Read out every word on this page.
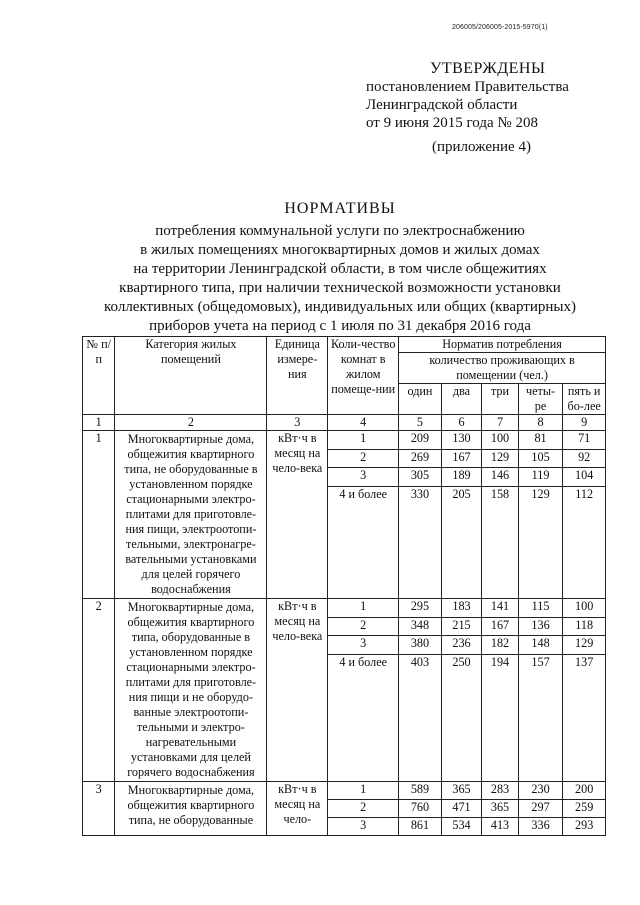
206005/206005-2015-5970(1)
УТВЕРЖДЕНЫ
постановлением Правительства
Ленинградской области
от 9 июня 2015 года № 208
(приложение 4)
НОРМАТИВЫ
потребления коммунальной услуги по электроснабжению
в жилых помещениях многоквартирных домов и жилых домах
на территории Ленинградской области, в том числе общежитиях
квартирного типа, при наличии технической возможности установки
коллективных (общедомовых), индивидуальных или общих (квартирных)
приборов учета на период с 1 июля по 31 декабря 2016 года
№ п/п	Категория жилых помещений	Единица измере-ния	Коли-чество комнат в жилом помеще-нии	Норматив потребления				
				количество проживающих в помещении (чел.)				
				один	два	три	четы-ре	пять и бо-лее
1	2	3	4	5	6	7	8	9
1	Многоквартирные дома, общежития квартирного типа, не оборудованные в установленном порядке стационарными электро-плитами для приготовле-ния пищи, электроотопи-тельными, электронагре-вательными установками для целей горячего водоснабжения	кВт·ч в месяц на чело-века	1	209	130	100	81	71
			2	269	167	129	105	92
			3	305	189	146	119	104
			4 и более	330	205	158	129	112
2	Многоквартирные дома, общежития квартирного типа, оборудованные в установленном порядке стационарными электро-плитами для приготовле-ния пищи и не оборудо-ванные электроотопи-тельными и электро-нагревательными установками для целей горячего водоснабжения	кВт·ч в месяц на чело-века	1	295	183	141	115	100
			2	348	215	167	136	118
			3	380	236	182	148	129
			4 и более	403	250	194	157	137
3	Многоквартирные дома, общежития квартирного типа, не оборудованные	кВт·ч в месяц на чело-	1	589	365	283	230	200
			2	760	471	365	297	259
			3	861	534	413	336	293
